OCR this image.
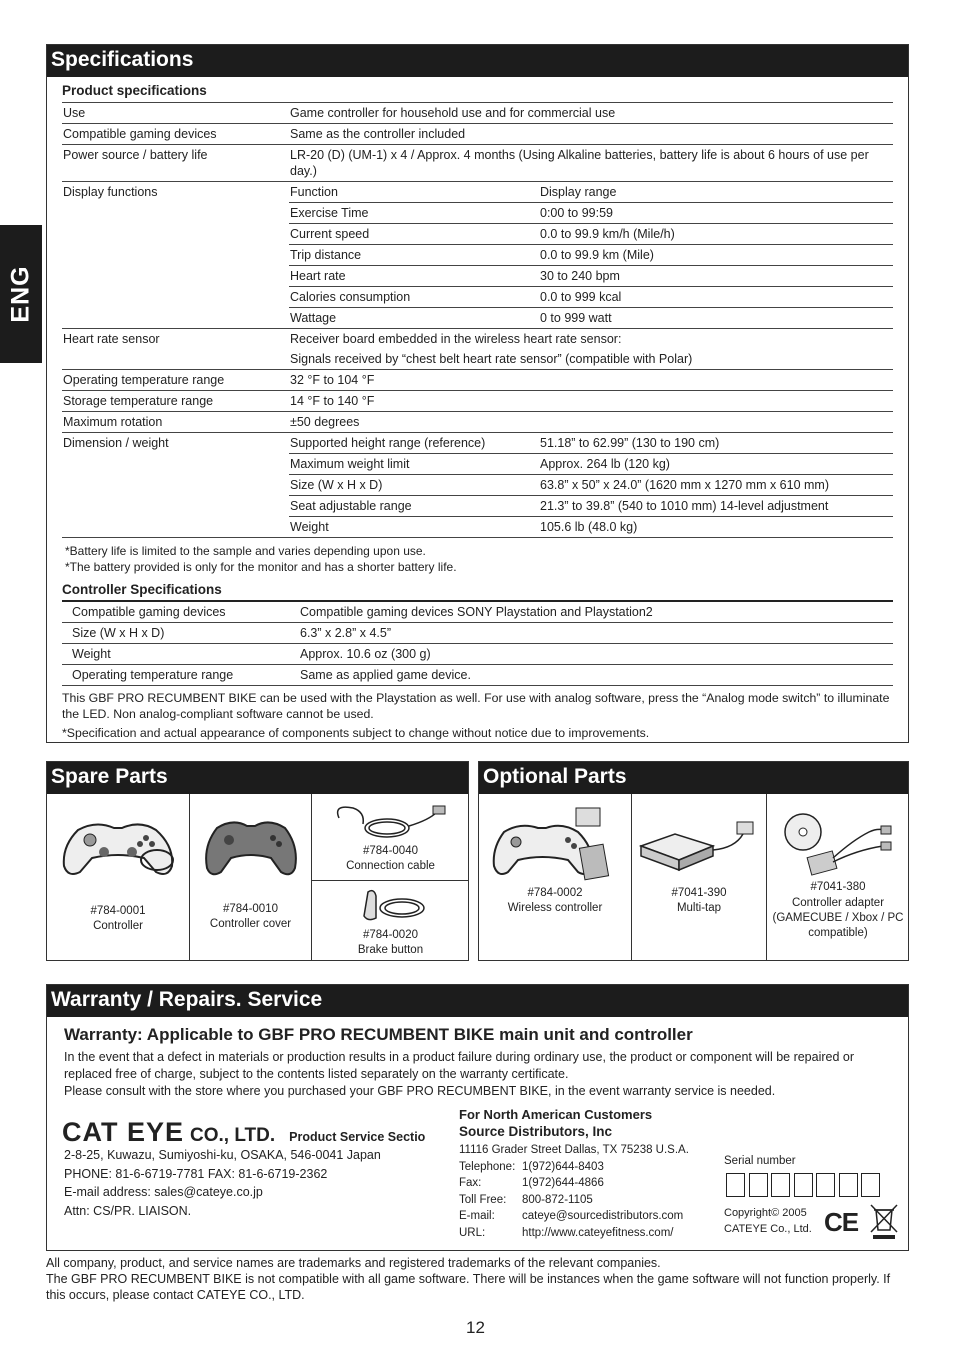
ENG
Specifications
Product specifications
Use	Game controller for household use and for commercial use	
Compatible gaming devices	Same as the controller included	
Power source / battery life	LR-20 (D) (UM-1) x 4 / Approx. 4 months (Using Alkaline batteries, battery life is about 6 hours of use per day.)	
Display functions	Function	Display range
	Exercise Time	0:00 to 99:59
	Current speed	0.0 to 99.9 km/h (Mile/h)
	Trip distance	0.0 to 99.9 km (Mile)
	Heart rate	30 to 240 bpm
	Calories consumption	0.0 to 999 kcal
	Wattage	0 to 999 watt
Heart rate sensor	Receiver board embedded in the wireless heart rate sensor:	
	Signals received by “chest belt heart rate sensor” (compatible with Polar)	
Operating temperature range	32 °F to 104 °F	
Storage temperature range	14 °F to 140 °F	
Maximum rotation	±50 degrees	
Dimension / weight	Supported height range (reference)	51.18” to 62.99” (130 to 190 cm)
	Maximum weight limit	Approx. 264 lb (120 kg)
	Size (W x H x D)	63.8” x 50” x 24.0” (1620 mm x 1270 mm x 610 mm)
	Seat adjustable range	21.3” to 39.8” (540 to 1010 mm) 14-level adjustment
	Weight	105.6 lb (48.0 kg)
*Battery life is limited to the sample and varies depending upon use.
*The battery provided is only for the monitor and has a shorter battery life.
Controller Specifications
Compatible gaming devices	Compatible gaming devices SONY Playstation and Playstation2
Size (W x H x D)	6.3” x 2.8” x 4.5”
Weight	Approx. 10.6 oz (300 g)
Operating temperature range	Same as applied game device.
This GBF PRO RECUMBENT BIKE can be used with the Playstation as well. For use with analog software, press the “Analog mode switch” to illuminate the LED. Non analog-compliant software cannot be used.
*Specification and actual appearance of components subject to change without notice due to improvements.
Spare Parts
#784-0001
Controller
#784-0010
Controller cover
#784-0040
Connection cable
#784-0020
Brake button
Optional Parts
#784-0002
Wireless controller
#7041-390
Multi-tap
#7041-380
Controller adapter (GAMECUBE / Xbox / PC compatible)
Warranty / Repairs. Service
Warranty: Applicable to GBF PRO RECUMBENT BIKE main unit and controller
In the event that a defect in materials or production results in a product failure during ordinary use, the product or component will be repaired or replaced free of charge, subject to the contents listed separately on the warranty certificate.
Please consult with the store where you purchased your GBF PRO RECUMBENT BIKE, in the event warranty service is needed.
CAT EYE CO., LTD. Product Service Sectio
2-8-25, Kuwazu, Sumiyoshi-ku, OSAKA, 546-0041 Japan
PHONE: 81-6-6719-7781 FAX: 81-6-6719-2362
E-mail address: sales@cateye.co.jp
Attn: CS/PR. LIAISON.
For North American Customers
Source Distributors, Inc
11116 Grader Street Dallas, TX 75238 U.S.A.
Telephone: 1(972)644-8403
Fax:	1(972)644-4866
Toll Free: 800-872-1105
E-mail: cateye@sourcedistributors.com
URL:	http://www.cateyefitness.com/
Serial number
Copyright© 2005
CATEYE Co., Ltd. CE
All company, product, and service names are trademarks and registered trademarks of the relevant companies.
The GBF PRO RECUMBENT BIKE is not compatible with all game software. There will be instances when the game software will not function properly. If this occurs, please contact CATEYE CO., LTD.
12
